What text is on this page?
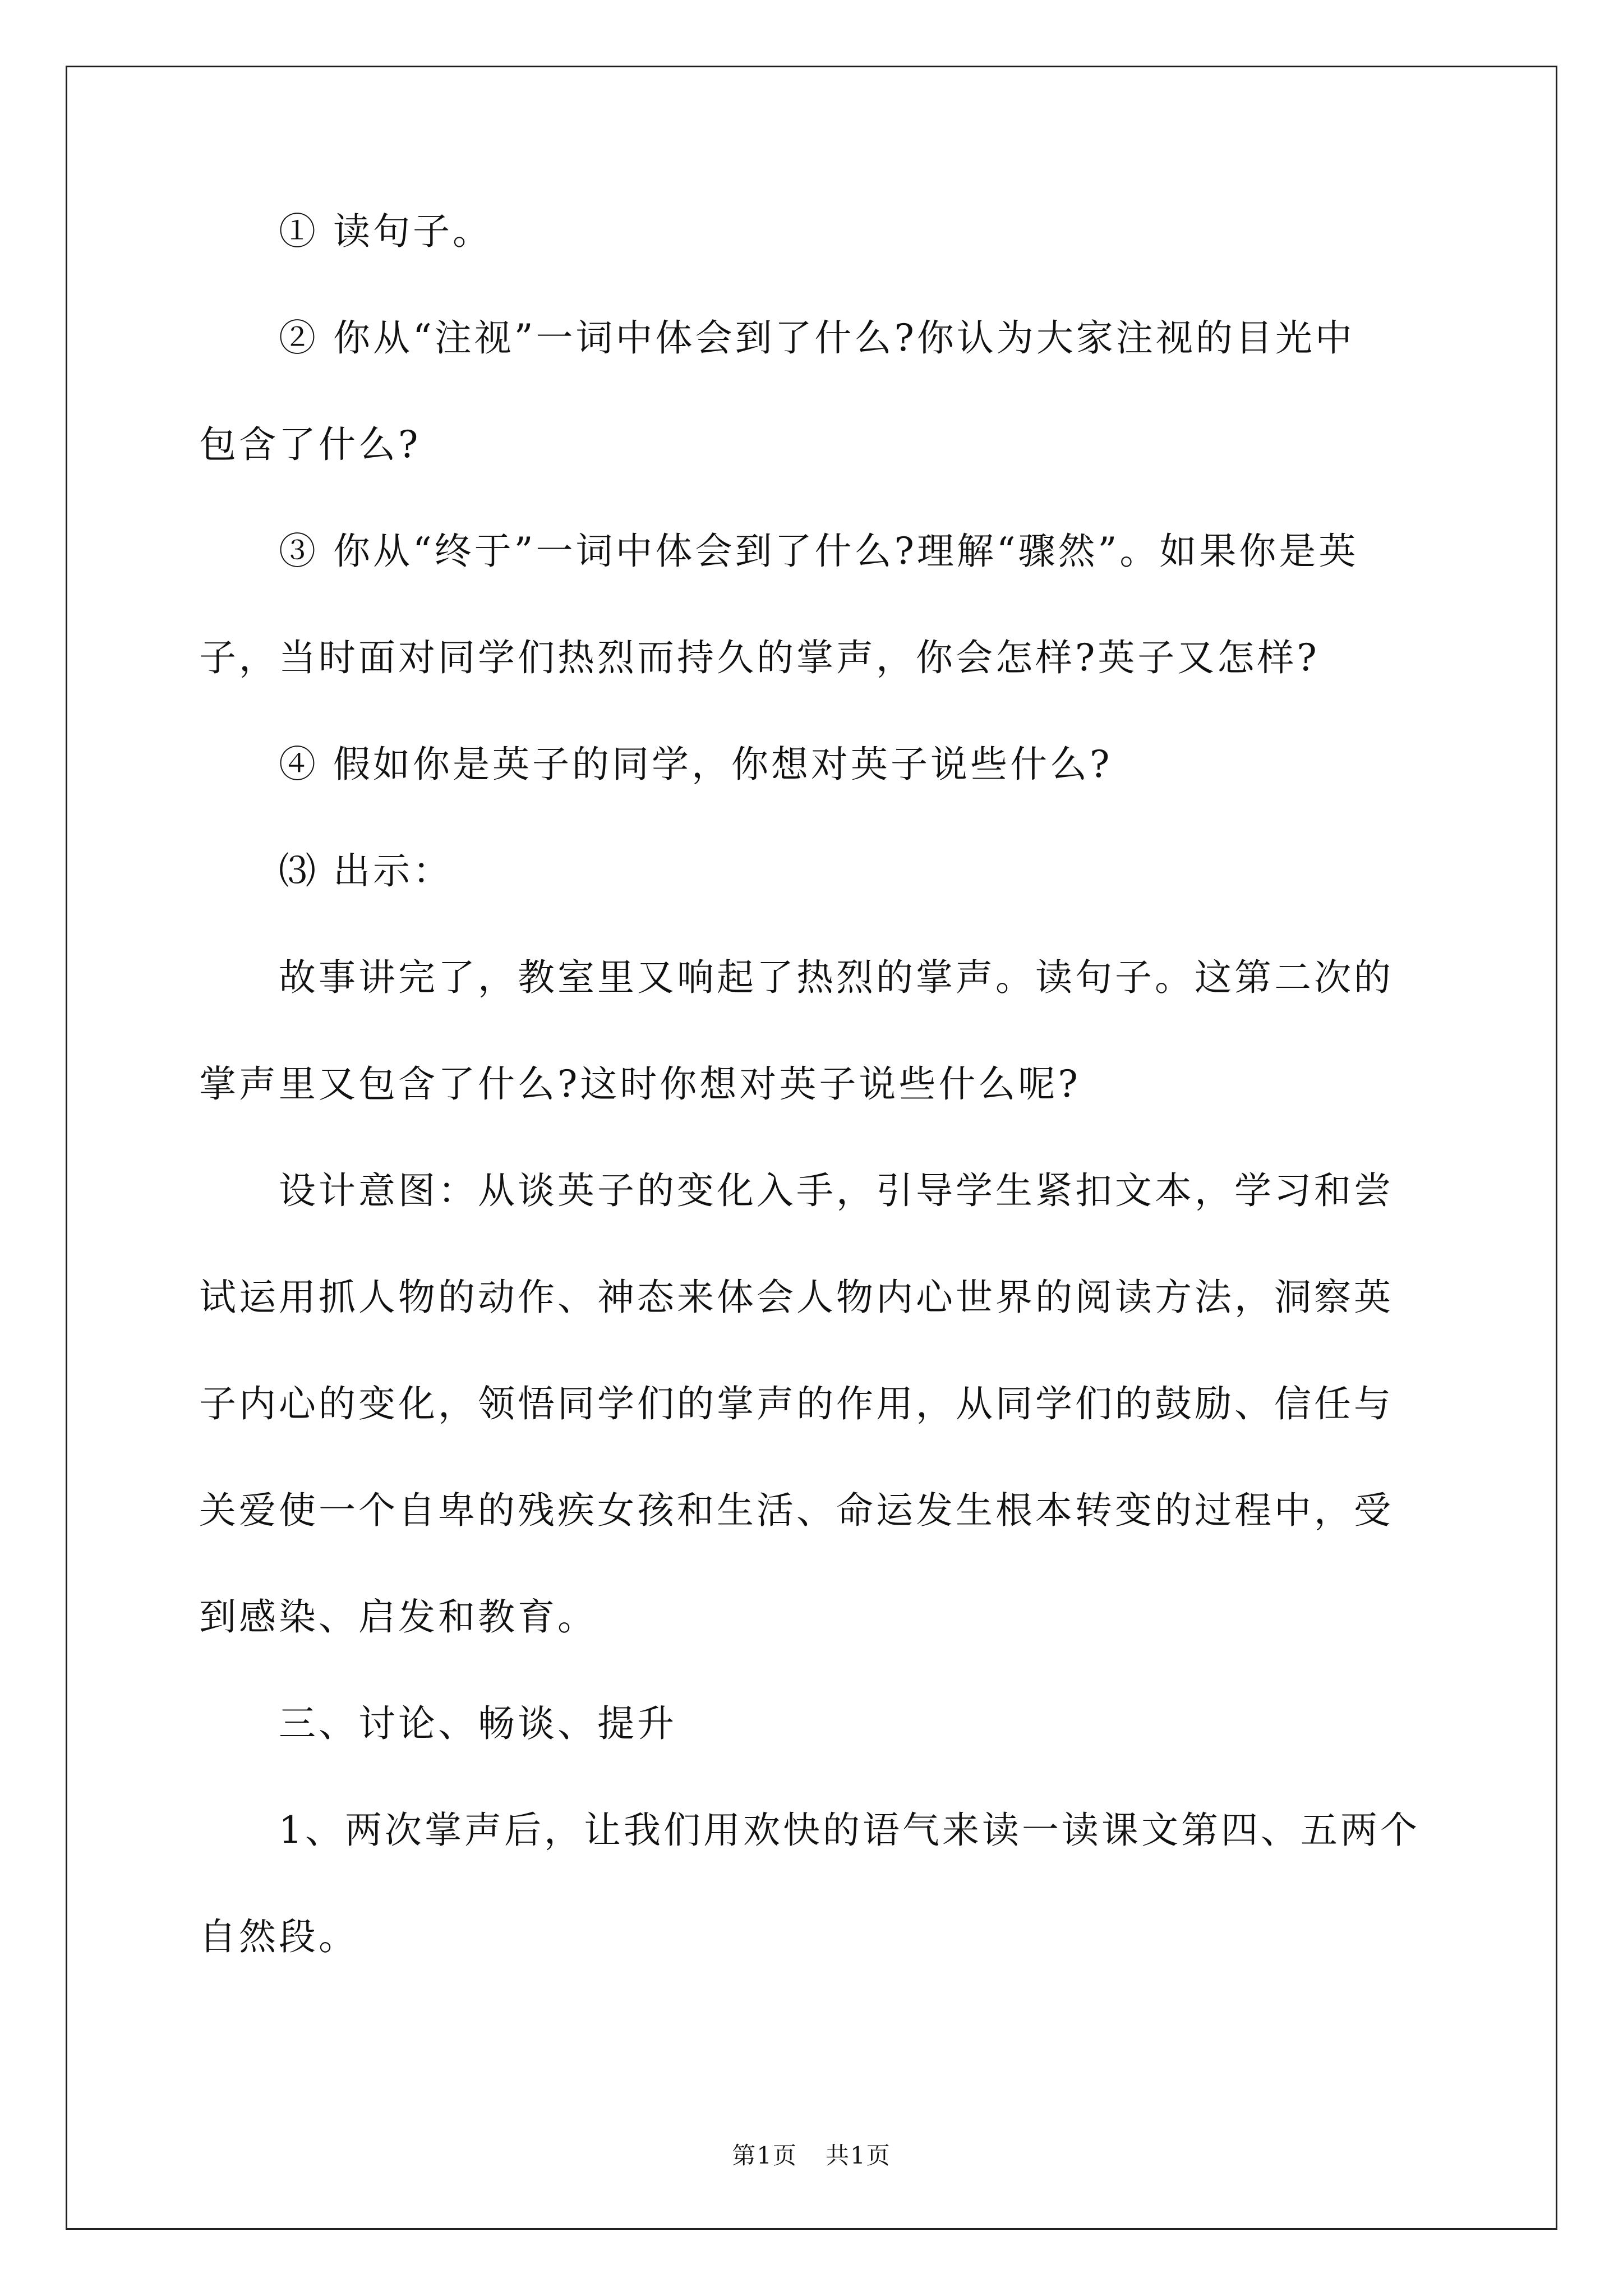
① 读句子。
② 你从“注视”一词中体会到了什么?你认为大家注视的目光中
包含了什么?
③ 你从“终于”一词中体会到了什么?理解“骤然”。如果你是英
子，当时面对同学们热烈而持久的掌声，你会怎样?英子又怎样?
④ 假如你是英子的同学，你想对英子说些什么?
⑶ 出示：
故事讲完了，教室里又响起了热烈的掌声。读句子。这第二次的
掌声里又包含了什么?这时你想对英子说些什么呢?
设计意图：从谈英子的变化入手，引导学生紧扣文本，学习和尝
试运用抓人物的动作、神态来体会人物内心世界的阅读方法，洞察英
子内心的变化，领悟同学们的掌声的作用，从同学们的鼓励、信任与
关爱使一个自卑的残疾女孩和生活、命运发生根本转变的过程中，受
到感染、启发和教育。
三、讨论、畅谈、提升
1、两次掌声后，让我们用欢快的语气来读一读课文第四、五两个
自然段。
第1页 共1页
